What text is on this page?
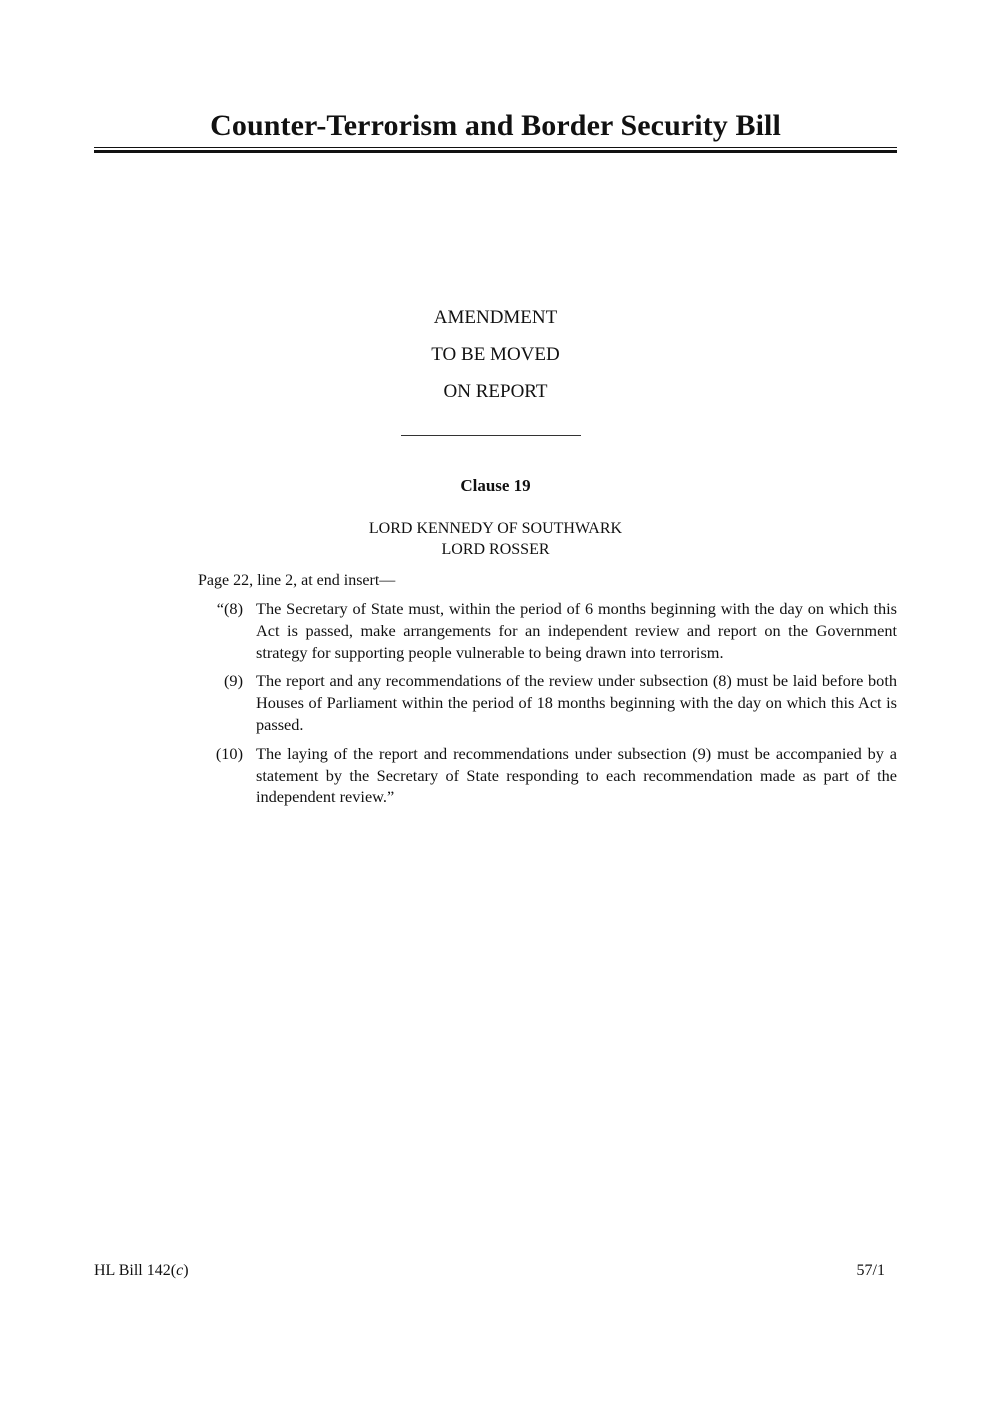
Counter-Terrorism and Border Security Bill
AMENDMENT
TO BE MOVED
ON REPORT
Clause 19
LORD KENNEDY OF SOUTHWARK
LORD ROSSER
Page 22, line 2, at end insert—
“(8) The Secretary of State must, within the period of 6 months beginning with the day on which this Act is passed, make arrangements for an independent review and report on the Government strategy for supporting people vulnerable to being drawn into terrorism.
(9) The report and any recommendations of the review under subsection (8) must be laid before both Houses of Parliament within the period of 18 months beginning with the day on which this Act is passed.
(10) The laying of the report and recommendations under subsection (9) must be accompanied by a statement by the Secretary of State responding to each recommendation made as part of the independent review.”
HL Bill 142(c)	57/1
